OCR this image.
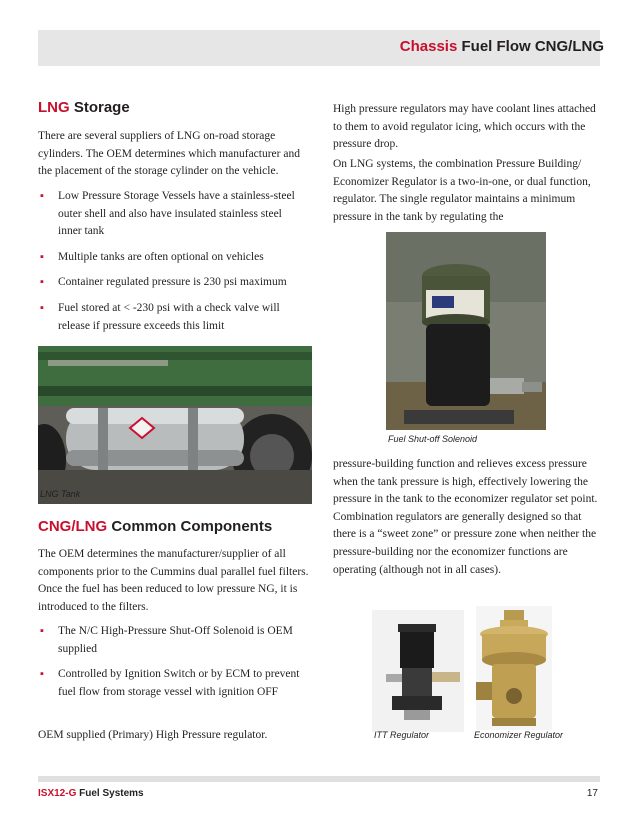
Chassis Fuel Flow CNG/LNG
LNG Storage

There are several suppliers of LNG on-road storage cylinders. The OEM determines which manufacturer and the placement of the storage cylinder on the vehicle.

▪ Low Pressure Storage Vessels have a stainless-steel outer shell and also have insulated stainless steel inner tank
▪ Multiple tanks are often optional on vehicles
▪ Container regulated pressure is 230 psi maximum
▪ Fuel stored at < -230 psi with a check valve will release if pressure exceeds this limit
LNG Tank
CNG/LNG Common Components

The OEM determines the manufacturer/supplier of all components prior to the Cummins dual parallel fuel filters. Once the fuel has been reduced to low pressure NG, it is introduced to the filters.

▪ The N/C High-Pressure Shut-Off Solenoid is OEM supplied
▪ Controlled by Ignition Switch or by ECM to prevent fuel flow from storage vessel with ignition OFF

OEM supplied (Primary) High Pressure regulator.

High pressure regulators may have coolant lines attached to them to avoid regulator icing, which occurs with the pressure drop.

On LNG systems, the combination Pressure Building/ Economizer Regulator is a two-in-one, or dual function, regulator. The single regulator maintains a minimum pressure in the tank by regulating the

Fuel Shut-off Solenoid

pressure-building function and relieves excess pressure when the tank pressure is high, effectively lowering the pressure in the tank to the economizer regulator set point. Combination regulators are generally designed so that there is a “sweet zone” or pressure zone when neither the pressure-building nor the economizer functions are operating (although not in all cases).

ITT Regulator	Economizer Regulator
ISX12-G Fuel Systems	17
